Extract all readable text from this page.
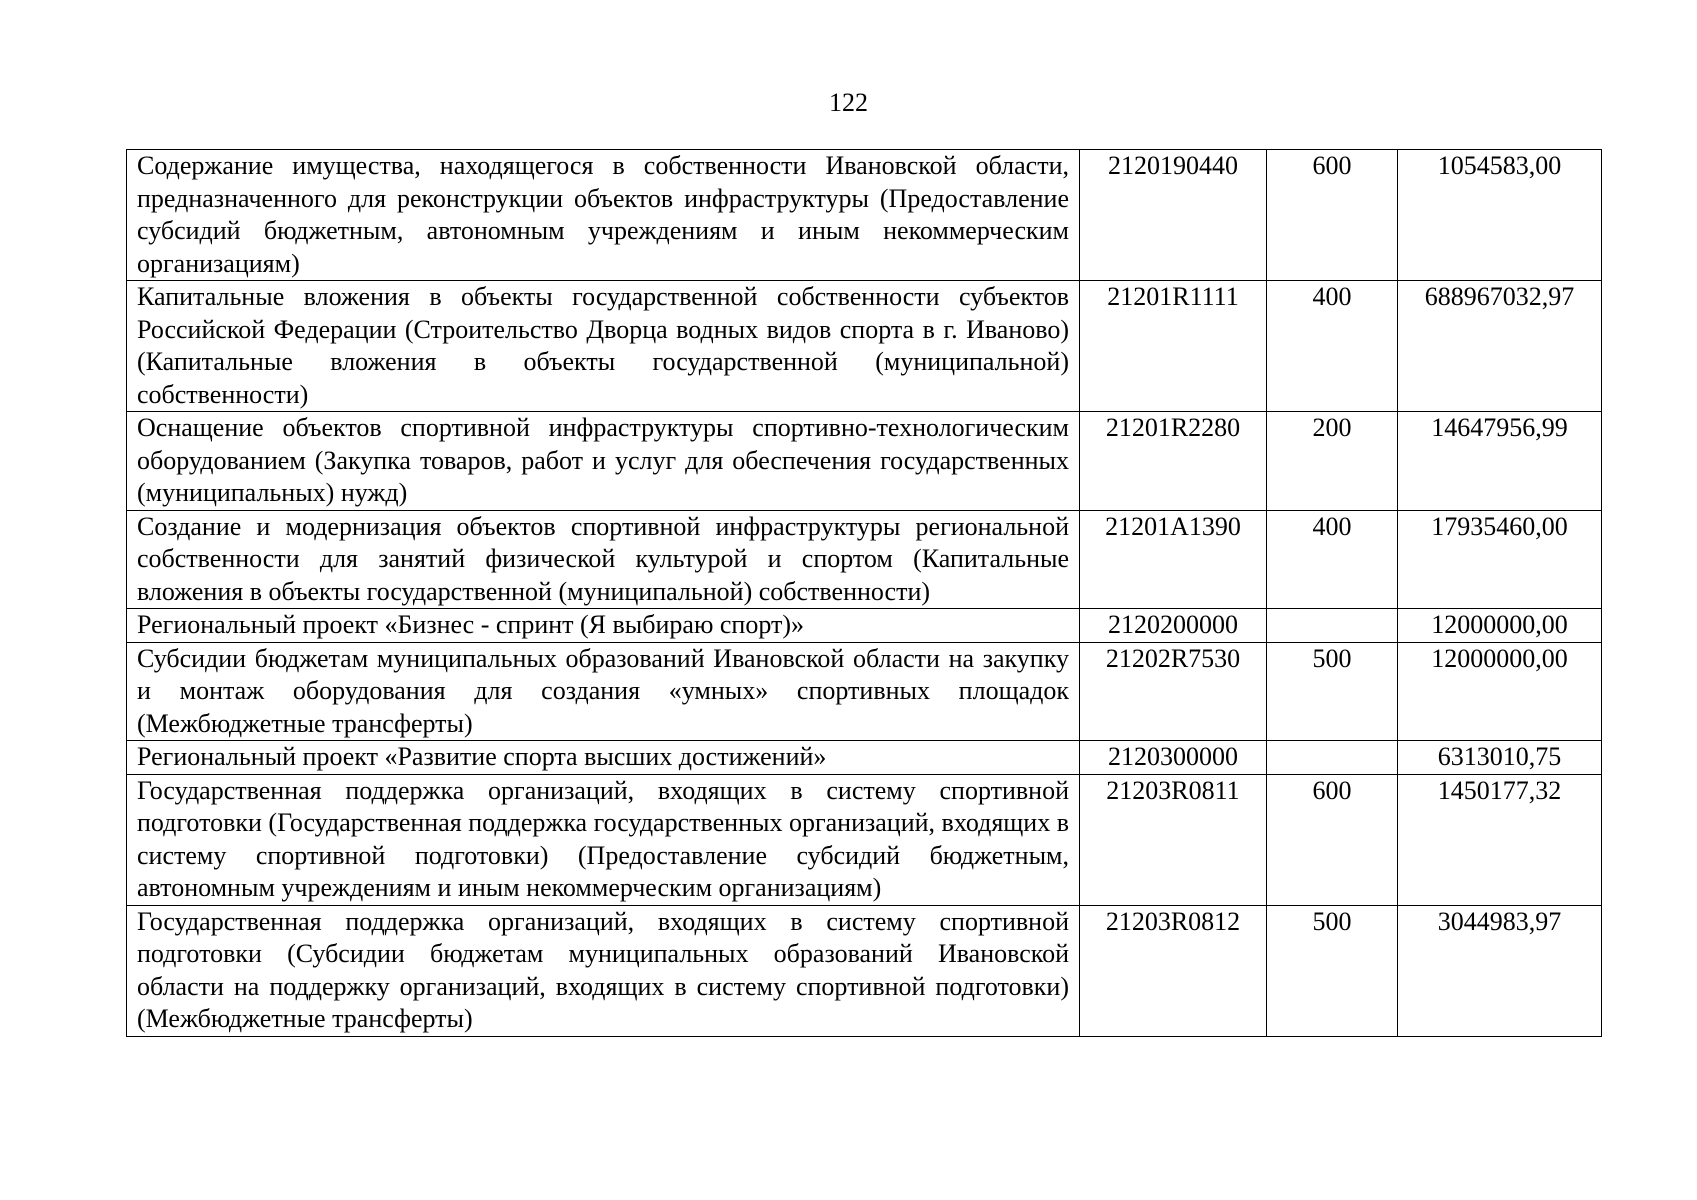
122
Содержание имущества, находящегося в собственности Ивановской области, предназначенного для реконструкции объектов инфраструктуры (Предоставление субсидий бюджетным, автономным учреждениям и иным некоммерческим организациям)	2120190440	600	1054583,00
Капитальные вложения в объекты государственной собственности субъектов Российской Федерации (Строительство Дворца водных видов спорта в г. Иваново) (Капитальные вложения в объекты государственной (муниципальной) собственности)	21201R1111	400	688967032,97
Оснащение объектов спортивной инфраструктуры спортивно-технологическим оборудованием (Закупка товаров, работ и услуг для обеспечения государственных (муниципальных) нужд)	21201R2280	200	14647956,99
Создание и модернизация объектов спортивной инфраструктуры региональной собственности для занятий физической культурой и спортом (Капитальные вложения в объекты государственной (муниципальной) собственности)	21201A1390	400	17935460,00
Региональный проект «Бизнес - спринт (Я выбираю спорт)»	2120200000		12000000,00
Субсидии бюджетам муниципальных образований Ивановской области на закупку и монтаж оборудования для создания «умных» спортивных площадок (Межбюджетные трансферты)	21202R7530	500	12000000,00
Региональный проект «Развитие спорта высших достижений»	2120300000		6313010,75
Государственная поддержка организаций, входящих в систему спортивной подготовки (Государственная поддержка государственных организаций, входящих в систему спортивной подготовки) (Предоставление субсидий бюджетным, автономным учреждениям и иным некоммерческим организациям)	21203R0811	600	1450177,32
Государственная поддержка организаций, входящих в систему спортивной подготовки (Субсидии бюджетам муниципальных образований Ивановской области на поддержку организаций, входящих в систему спортивной подготовки) (Межбюджетные трансферты)	21203R0812	500	3044983,97
